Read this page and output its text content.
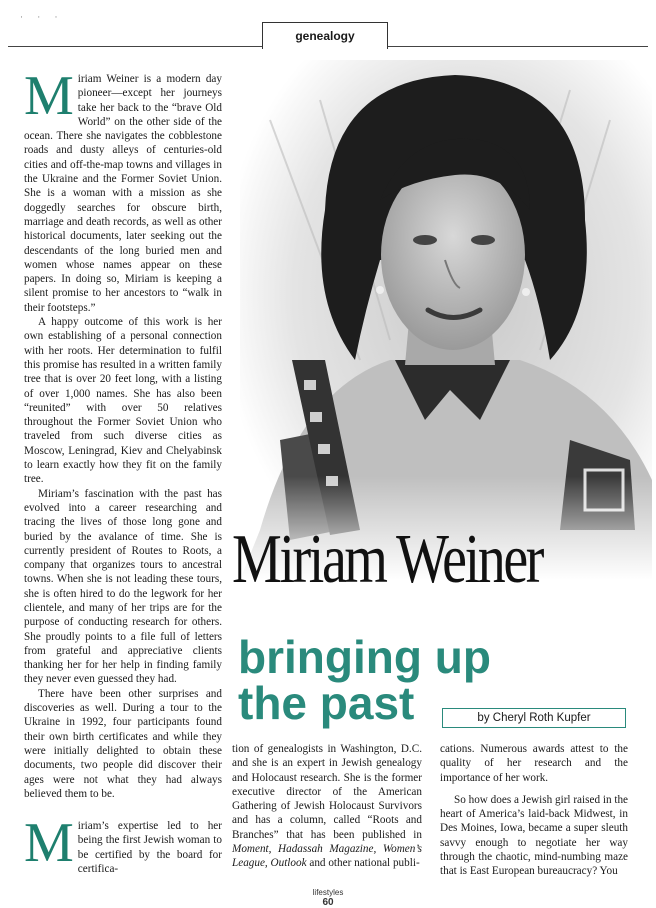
· · ·
genealogy

Miriam Weiner is a modern day pioneer—except her journeys take her back to the “brave Old World” on the other side of the ocean. There she navigates the cobblestone roads and dusty alleys of centuries-old cities and off-the-map towns and villages in the Ukraine and the Former Soviet Union. She is a woman with a mission as she doggedly searches for obscure birth, marriage and death records, as well as other historical documents, later seeking out the descendants of the long buried men and women whose names appear on these papers. In doing so, Miriam is keeping a silent promise to her ancestors to “walk in their footsteps.”

A happy outcome of this work is her own establishing of a personal connection with her roots. Her determination to fulfil this promise has resulted in a written family tree that is over 20 feet long, with a listing of over 1,000 names. She has also been “reunited” with over 50 relatives throughout the Former Soviet Union who traveled from such diverse cities as Moscow, Leningrad, Kiev and Chelyabinsk to learn exactly how they fit on the family tree.

Miriam’s fascination with the past has evolved into a career researching and tracing the lives of those long gone and buried by the avalance of time. She is currently president of Routes to Roots, a company that organizes tours to ancestral towns. When she is not leading these tours, she is often hired to do the legwork for her clientele, and many of her trips are for the purpose of conducting research for others. She proudly points to a file full of letters from grateful and appreciative clients thanking her for her help in finding family they never even guessed they had.

There have been other surprises and discoveries as well. During a tour to the Ukraine in 1992, four participants found their own birth certificates and while they were initially delighted to obtain these documents, two people did discover their ages were not what they had always believed them to be.

Miriam’s expertise led to her being the first Jewish woman to be certified by the board for certifica-

Miriam Weiner
bringing up
the past	by Cheryl Roth Kupfer

tion of genealogists in Washington, D.C. and she is an expert in Jewish genealogy and Holocaust research. She is the former executive director of the American Gathering of Jewish Holocaust Survivors and has a column, called “Roots and Branches” that has been published in Moment, Hadassah Magazine, Women’s League, Outlook and other national publi-

cations. Numerous awards attest to the quality of her research and the importance of her work.

So how does a Jewish girl raised in the heart of America’s laid-back Midwest, in Des Moines, Iowa, became a super sleuth savvy enough to negotiate her way through the chaotic, mind-numbing maze that is East European bureaucracy? You

lifestyles
60
